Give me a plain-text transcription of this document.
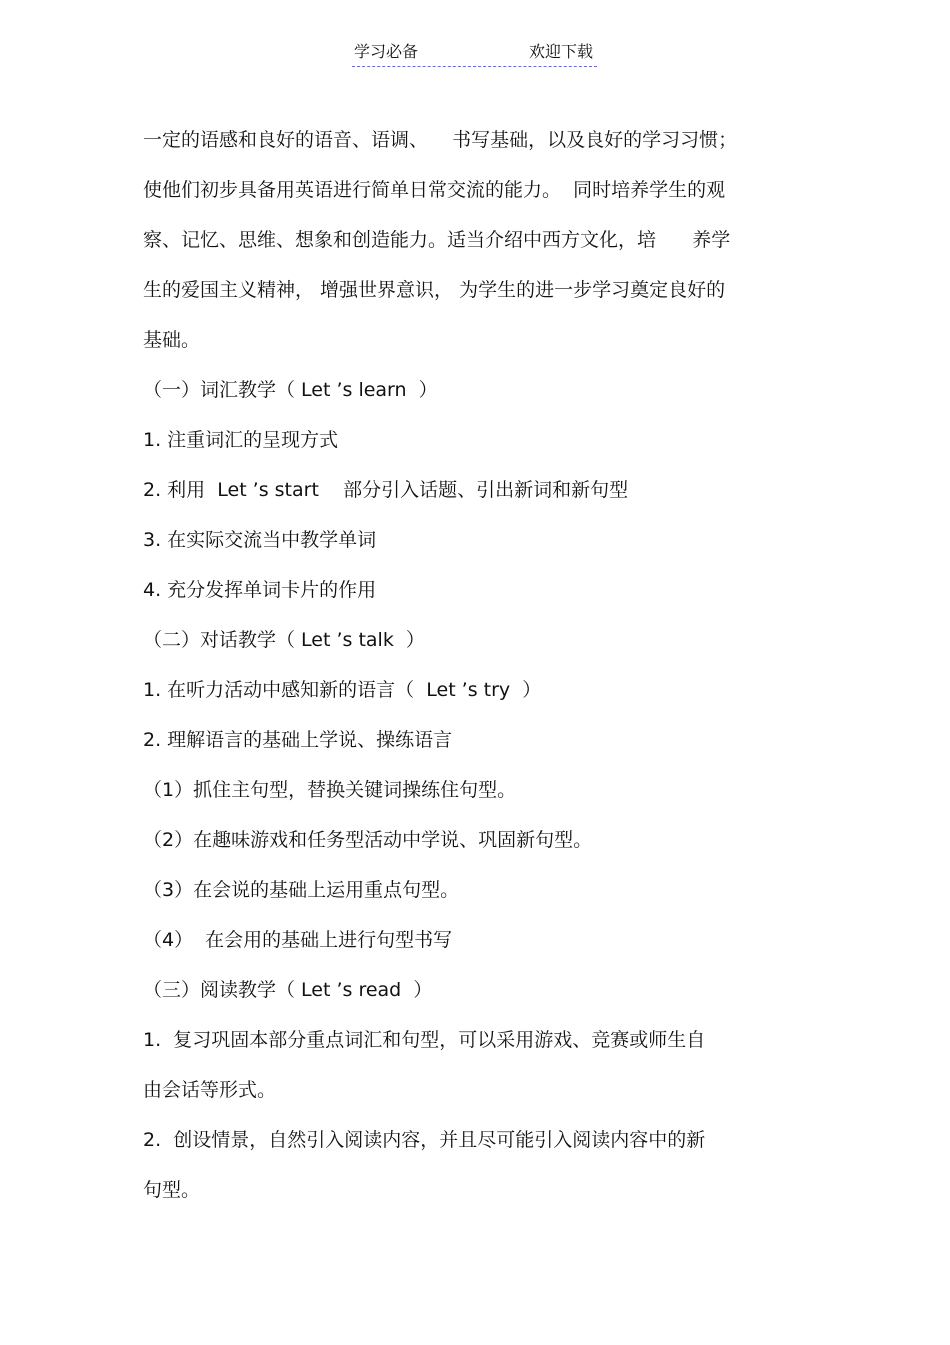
学习必备	欢迎下载
一定的语感和良好的语音、语调、    书写基础，以及良好的学习习惯；
使他们初步具备用英语进行简单日常交流的能力。  同时培养学生的观
察、记忆、思维、想象和创造能力。适当介绍中西方文化，培      养学
生的爱国主义精神， 增强世界意识， 为学生的进一步学习奠定良好的
基础。
（一）词汇教学（ Let ’s learn  ）
1. 注重词汇的呈现方式
2. 利用  Let ’s start    部分引入话题、引出新词和新句型
3. 在实际交流当中教学单词
4. 充分发挥单词卡片的作用
（二）对话教学（ Let ’s talk  ）
1. 在听力活动中感知新的语言（  Let ’s try  ）
2. 理解语言的基础上学说、操练语言
（1）抓住主句型，替换关键词操练住句型。
（2）在趣味游戏和任务型活动中学说、巩固新句型。
（3）在会说的基础上运用重点句型。
（4）  在会用的基础上进行句型书写
（三）阅读教学（ Let ’s read  ）
1.  复习巩固本部分重点词汇和句型，可以采用游戏、竞赛或师生自
由会话等形式。
2.  创设情景，自然引入阅读内容，并且尽可能引入阅读内容中的新
句型。
